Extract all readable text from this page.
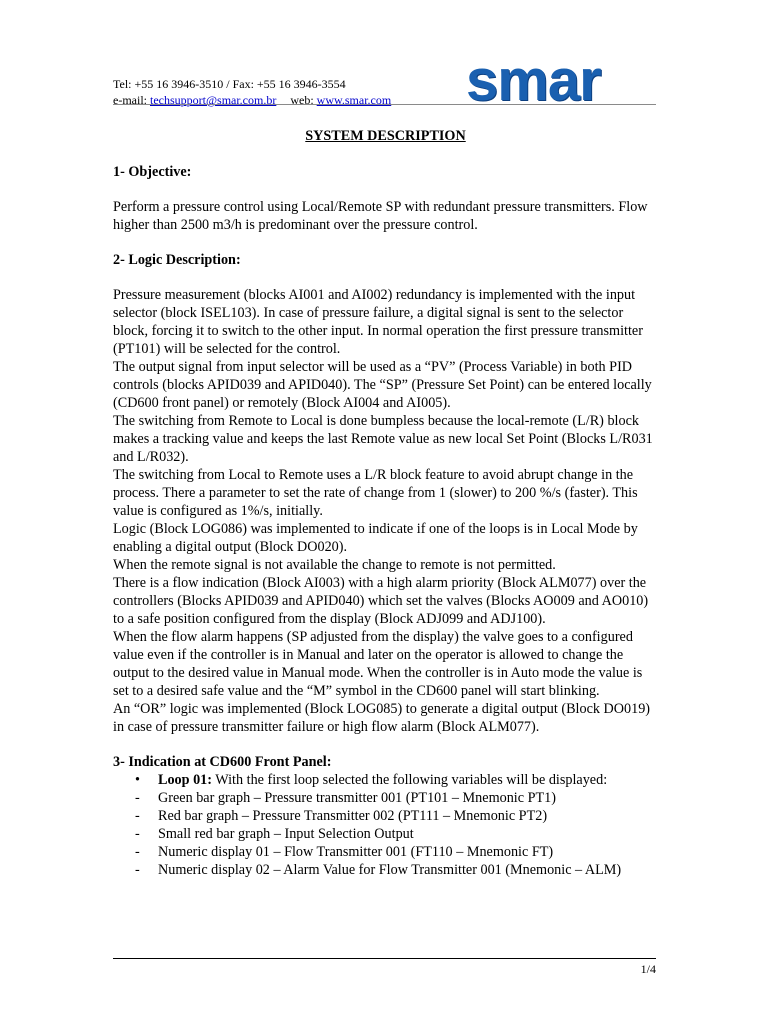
Tel: +55 16 3946-3510 / Fax: +55 16 3946-3554
e-mail: techsupport@smar.com.br web: www.smar.com smar

SYSTEM DESCRIPTION

1- Objective:

Perform a pressure control using Local/Remote SP with redundant pressure transmitters. Flow higher than 2500 m3/h is predominant over the pressure control.

2- Logic Description:

Pressure measurement (blocks AI001 and AI002) redundancy is implemented with the input selector (block ISEL103). In case of pressure failure, a digital signal is sent to the selector block, forcing it to switch to the other input. In normal operation the first pressure transmitter (PT101) will be selected for the control.

The output signal from input selector will be used as a “PV” (Process Variable) in both PID controls (blocks APID039 and APID040). The “SP” (Pressure Set Point) can be entered locally (CD600 front panel) or remotely (Block AI004 and AI005).

The switching from Remote to Local is done bumpless because the local-remote (L/R) block makes a tracking value and keeps the last Remote value as new local Set Point (Blocks L/R031 and L/R032).

The switching from Local to Remote uses a L/R block feature to avoid abrupt change in the process. There a parameter to set the rate of change from 1 (slower) to 200 %/s (faster). This value is configured as 1%/s, initially.

Logic (Block LOG086) was implemented to indicate if one of the loops is in Local Mode by enabling a digital output (Block DO020).

When the remote signal is not available the change to remote is not permitted.

There is a flow indication (Block AI003) with a high alarm priority (Block ALM077) over the controllers (Blocks APID039 and APID040) which set the valves (Blocks AO009 and AO010) to a safe position configured from the display (Block ADJ099 and ADJ100).

When the flow alarm happens (SP adjusted from the display) the valve goes to a configured value even if the controller is in Manual and later on the operator is allowed to change the output to the desired value in Manual mode. When the controller is in Auto mode the value is set to a desired safe value and the “M” symbol in the CD600 panel will start blinking.

An “OR” logic was implemented (Block LOG085) to generate a digital output (Block DO019) in case of pressure transmitter failure or high flow alarm (Block ALM077).

3- Indication at CD600 Front Panel:

• Loop 01: With the first loop selected the following variables will be displayed:
- Green bar graph – Pressure transmitter 001 (PT101 – Mnemonic PT1)
- Red bar graph – Pressure Transmitter 002 (PT111 – Mnemonic PT2)
- Small red bar graph – Input Selection Output
- Numeric display 01 – Flow Transmitter 001 (FT110 – Mnemonic FT)
- Numeric display 02 – Alarm Value for Flow Transmitter 001 (Mnemonic – ALM)
1/4
